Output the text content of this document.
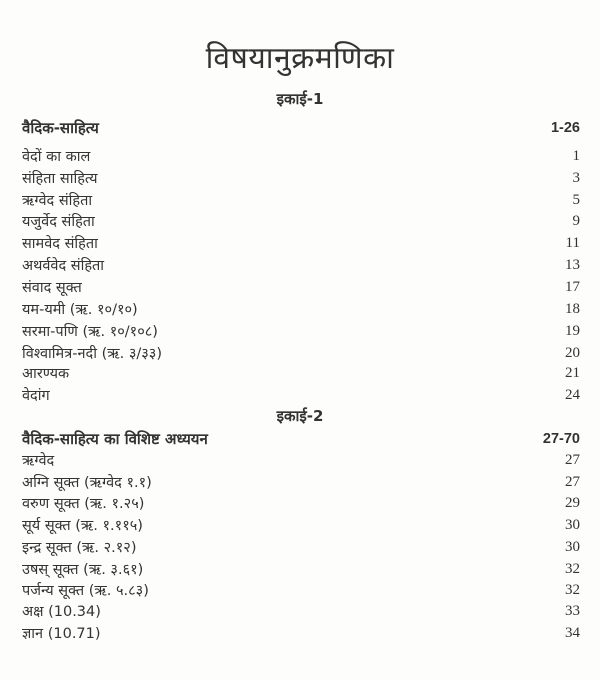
विषयानुक्रमणिका
इकाई-1
वैदिक-साहित्य	1-26
वेदों का काल	1
संहिता साहित्य	3
ऋग्वेद संहिता	5
यजुर्वेद संहिता	9
सामवेद संहिता	11
अथर्ववेद संहिता	13
संवाद सूक्त	17
यम-यमी (ऋ. १०/१०)	18
सरमा-पणि (ऋ. १०/१०८)	19
विश्वामित्र-नदी (ऋ. ३/३३)	20
आरण्यक	21
वेदांग	24
इकाई-2
वैदिक-साहित्य का विशिष्ट अध्ययन	27-70
ऋग्वेद	27
अग्नि सूक्त (ऋग्वेद १.१)	27
वरुण सूक्त (ऋ. १.२५)	29
सूर्य सूक्त (ऋ. १.११५)	30
इन्द्र सूक्त (ऋ. २.१२)	30
उषस् सूक्त (ऋ. ३.६१)	32
पर्जन्य सूक्त (ऋ. ५.८३)	32
अक्ष (10.34)	33
ज्ञान (10.71)	34
